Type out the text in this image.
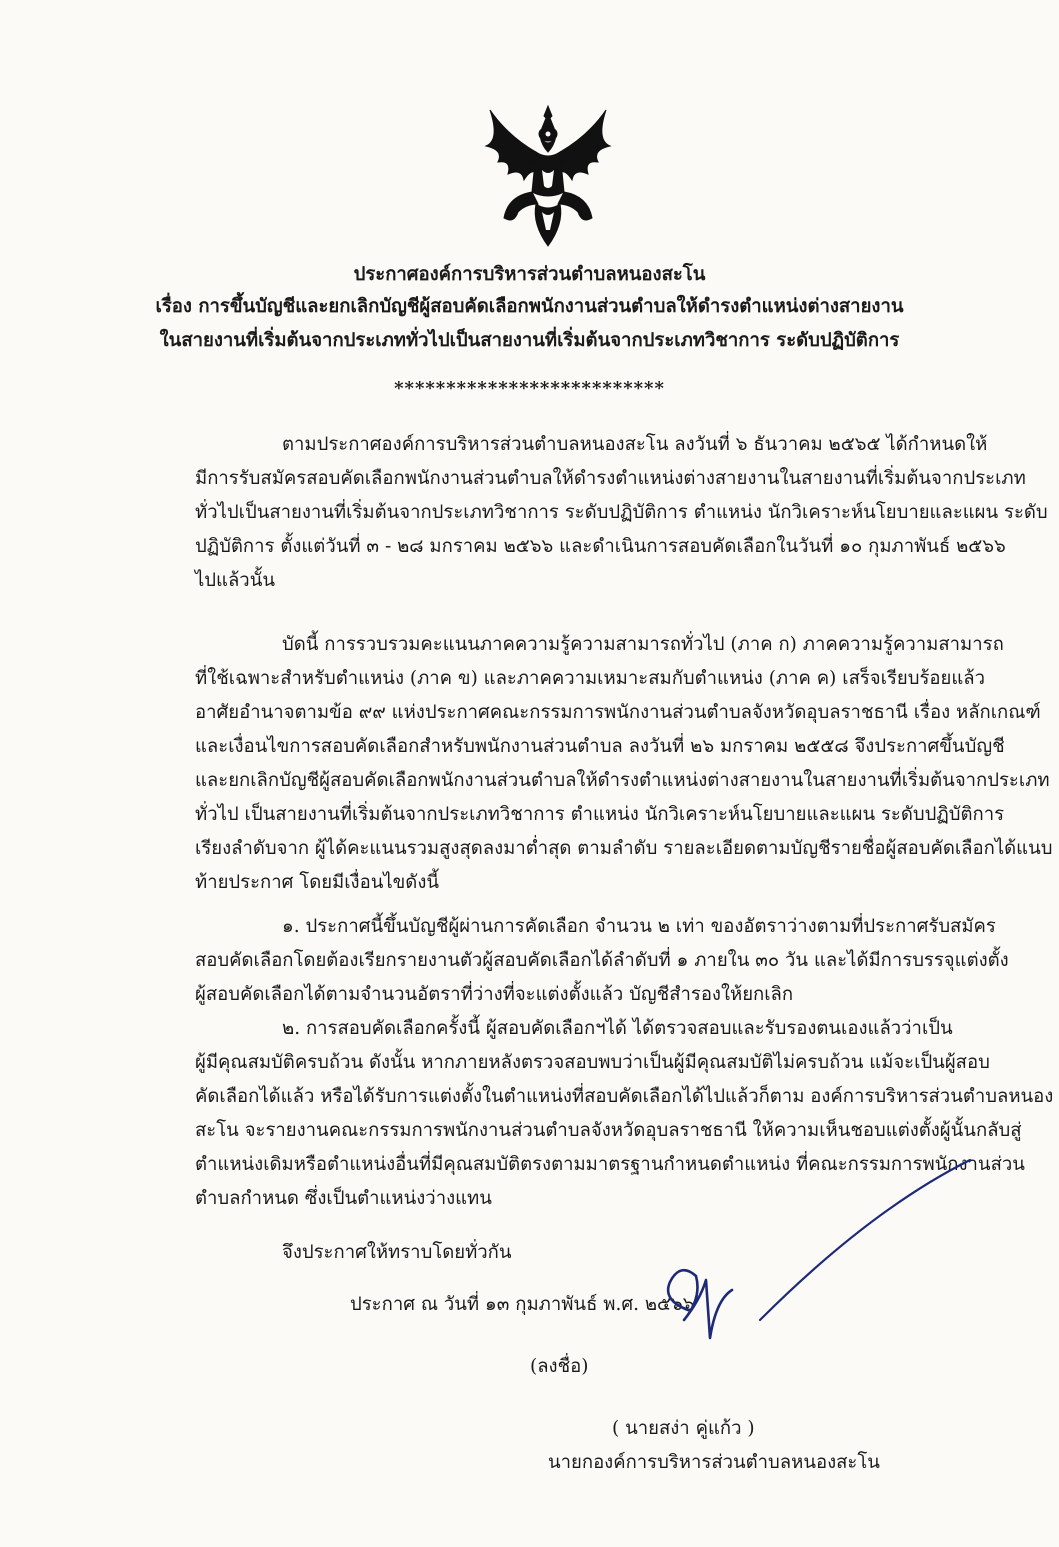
ประกาศองค์การบริหารส่วนตำบลหนองสะโน
เรื่อง การขึ้นบัญชีและยกเลิกบัญชีผู้สอบคัดเลือกพนักงานส่วนตำบลให้ดำรงตำแหน่งต่างสายงาน
ในสายงานที่เริ่มต้นจากประเภททั่วไปเป็นสายงานที่เริ่มต้นจากประเภทวิชาการ ระดับปฏิบัติการ
**************************
ตามประกาศองค์การบริหารส่วนตำบลหนองสะโน ลงวันที่ ๖ ธันวาคม ๒๕๖๕ ได้กำหนดให้
มีการรับสมัครสอบคัดเลือกพนักงานส่วนตำบลให้ดำรงตำแหน่งต่างสายงานในสายงานที่เริ่มต้นจากประเภท
ทั่วไปเป็นสายงานที่เริ่มต้นจากประเภทวิชาการ ระดับปฏิบัติการ ตำแหน่ง นักวิเคราะห์นโยบายและแผน ระดับ
ปฏิบัติการ ตั้งแต่วันที่ ๓ - ๒๘ มกราคม ๒๕๖๖ และดำเนินการสอบคัดเลือกในวันที่ ๑๐ กุมภาพันธ์ ๒๕๖๖
ไปแล้วนั้น
บัดนี้ การรวบรวมคะแนนภาคความรู้ความสามารถทั่วไป (ภาค ก) ภาคความรู้ความสามารถ
ที่ใช้เฉพาะสำหรับตำแหน่ง (ภาค ข) และภาคความเหมาะสมกับตำแหน่ง (ภาค ค) เสร็จเรียบร้อยแล้ว
อาศัยอำนาจตามข้อ ๙๙ แห่งประกาศคณะกรรมการพนักงานส่วนตำบลจังหวัดอุบลราชธานี เรื่อง หลักเกณฑ์
และเงื่อนไขการสอบคัดเลือกสำหรับพนักงานส่วนตำบล ลงวันที่ ๒๖ มกราคม ๒๕๕๘ จึงประกาศขึ้นบัญชี
และยกเลิกบัญชีผู้สอบคัดเลือกพนักงานส่วนตำบลให้ดำรงตำแหน่งต่างสายงานในสายงานที่เริ่มต้นจากประเภท
ทั่วไป เป็นสายงานที่เริ่มต้นจากประเภทวิชาการ ตำแหน่ง นักวิเคราะห์นโยบายและแผน ระดับปฏิบัติการ
เรียงลำดับจาก ผู้ได้คะแนนรวมสูงสุดลงมาต่ำสุด ตามลำดับ รายละเอียดตามบัญชีรายชื่อผู้สอบคัดเลือกได้แนบ
ท้ายประกาศ โดยมีเงื่อนไขดังนี้
๑. ประกาศนี้ขึ้นบัญชีผู้ผ่านการคัดเลือก จำนวน ๒ เท่า ของอัตราว่างตามที่ประกาศรับสมัคร
สอบคัดเลือกโดยต้องเรียกรายงานตัวผู้สอบคัดเลือกได้ลำดับที่ ๑ ภายใน ๓๐ วัน และได้มีการบรรจุแต่งตั้ง
ผู้สอบคัดเลือกได้ตามจำนวนอัตราที่ว่างที่จะแต่งตั้งแล้ว บัญชีสำรองให้ยกเลิก
๒. การสอบคัดเลือกครั้งนี้ ผู้สอบคัดเลือกฯได้ ได้ตรวจสอบและรับรองตนเองแล้วว่าเป็น
ผู้มีคุณสมบัติครบถ้วน ดังนั้น หากภายหลังตรวจสอบพบว่าเป็นผู้มีคุณสมบัติไม่ครบถ้วน แม้จะเป็นผู้สอบ
คัดเลือกได้แล้ว หรือได้รับการแต่งตั้งในตำแหน่งที่สอบคัดเลือกได้ไปแล้วก็ตาม องค์การบริหารส่วนตำบลหนอง
สะโน จะรายงานคณะกรรมการพนักงานส่วนตำบลจังหวัดอุบลราชธานี ให้ความเห็นชอบแต่งตั้งผู้นั้นกลับสู่
ตำแหน่งเดิมหรือตำแหน่งอื่นที่มีคุณสมบัติตรงตามมาตรฐานกำหนดตำแหน่ง ที่คณะกรรมการพนักงานส่วน
ตำบลกำหนด ซึ่งเป็นตำแหน่งว่างแทน
จึงประกาศให้ทราบโดยทั่วกัน
ประกาศ ณ วันที่ ๑๓ กุมภาพันธ์ พ.ศ. ๒๕๖๖
(ลงชื่อ)
( นายสง่า คู่แก้ว )
นายกองค์การบริหารส่วนตำบลหนองสะโน
